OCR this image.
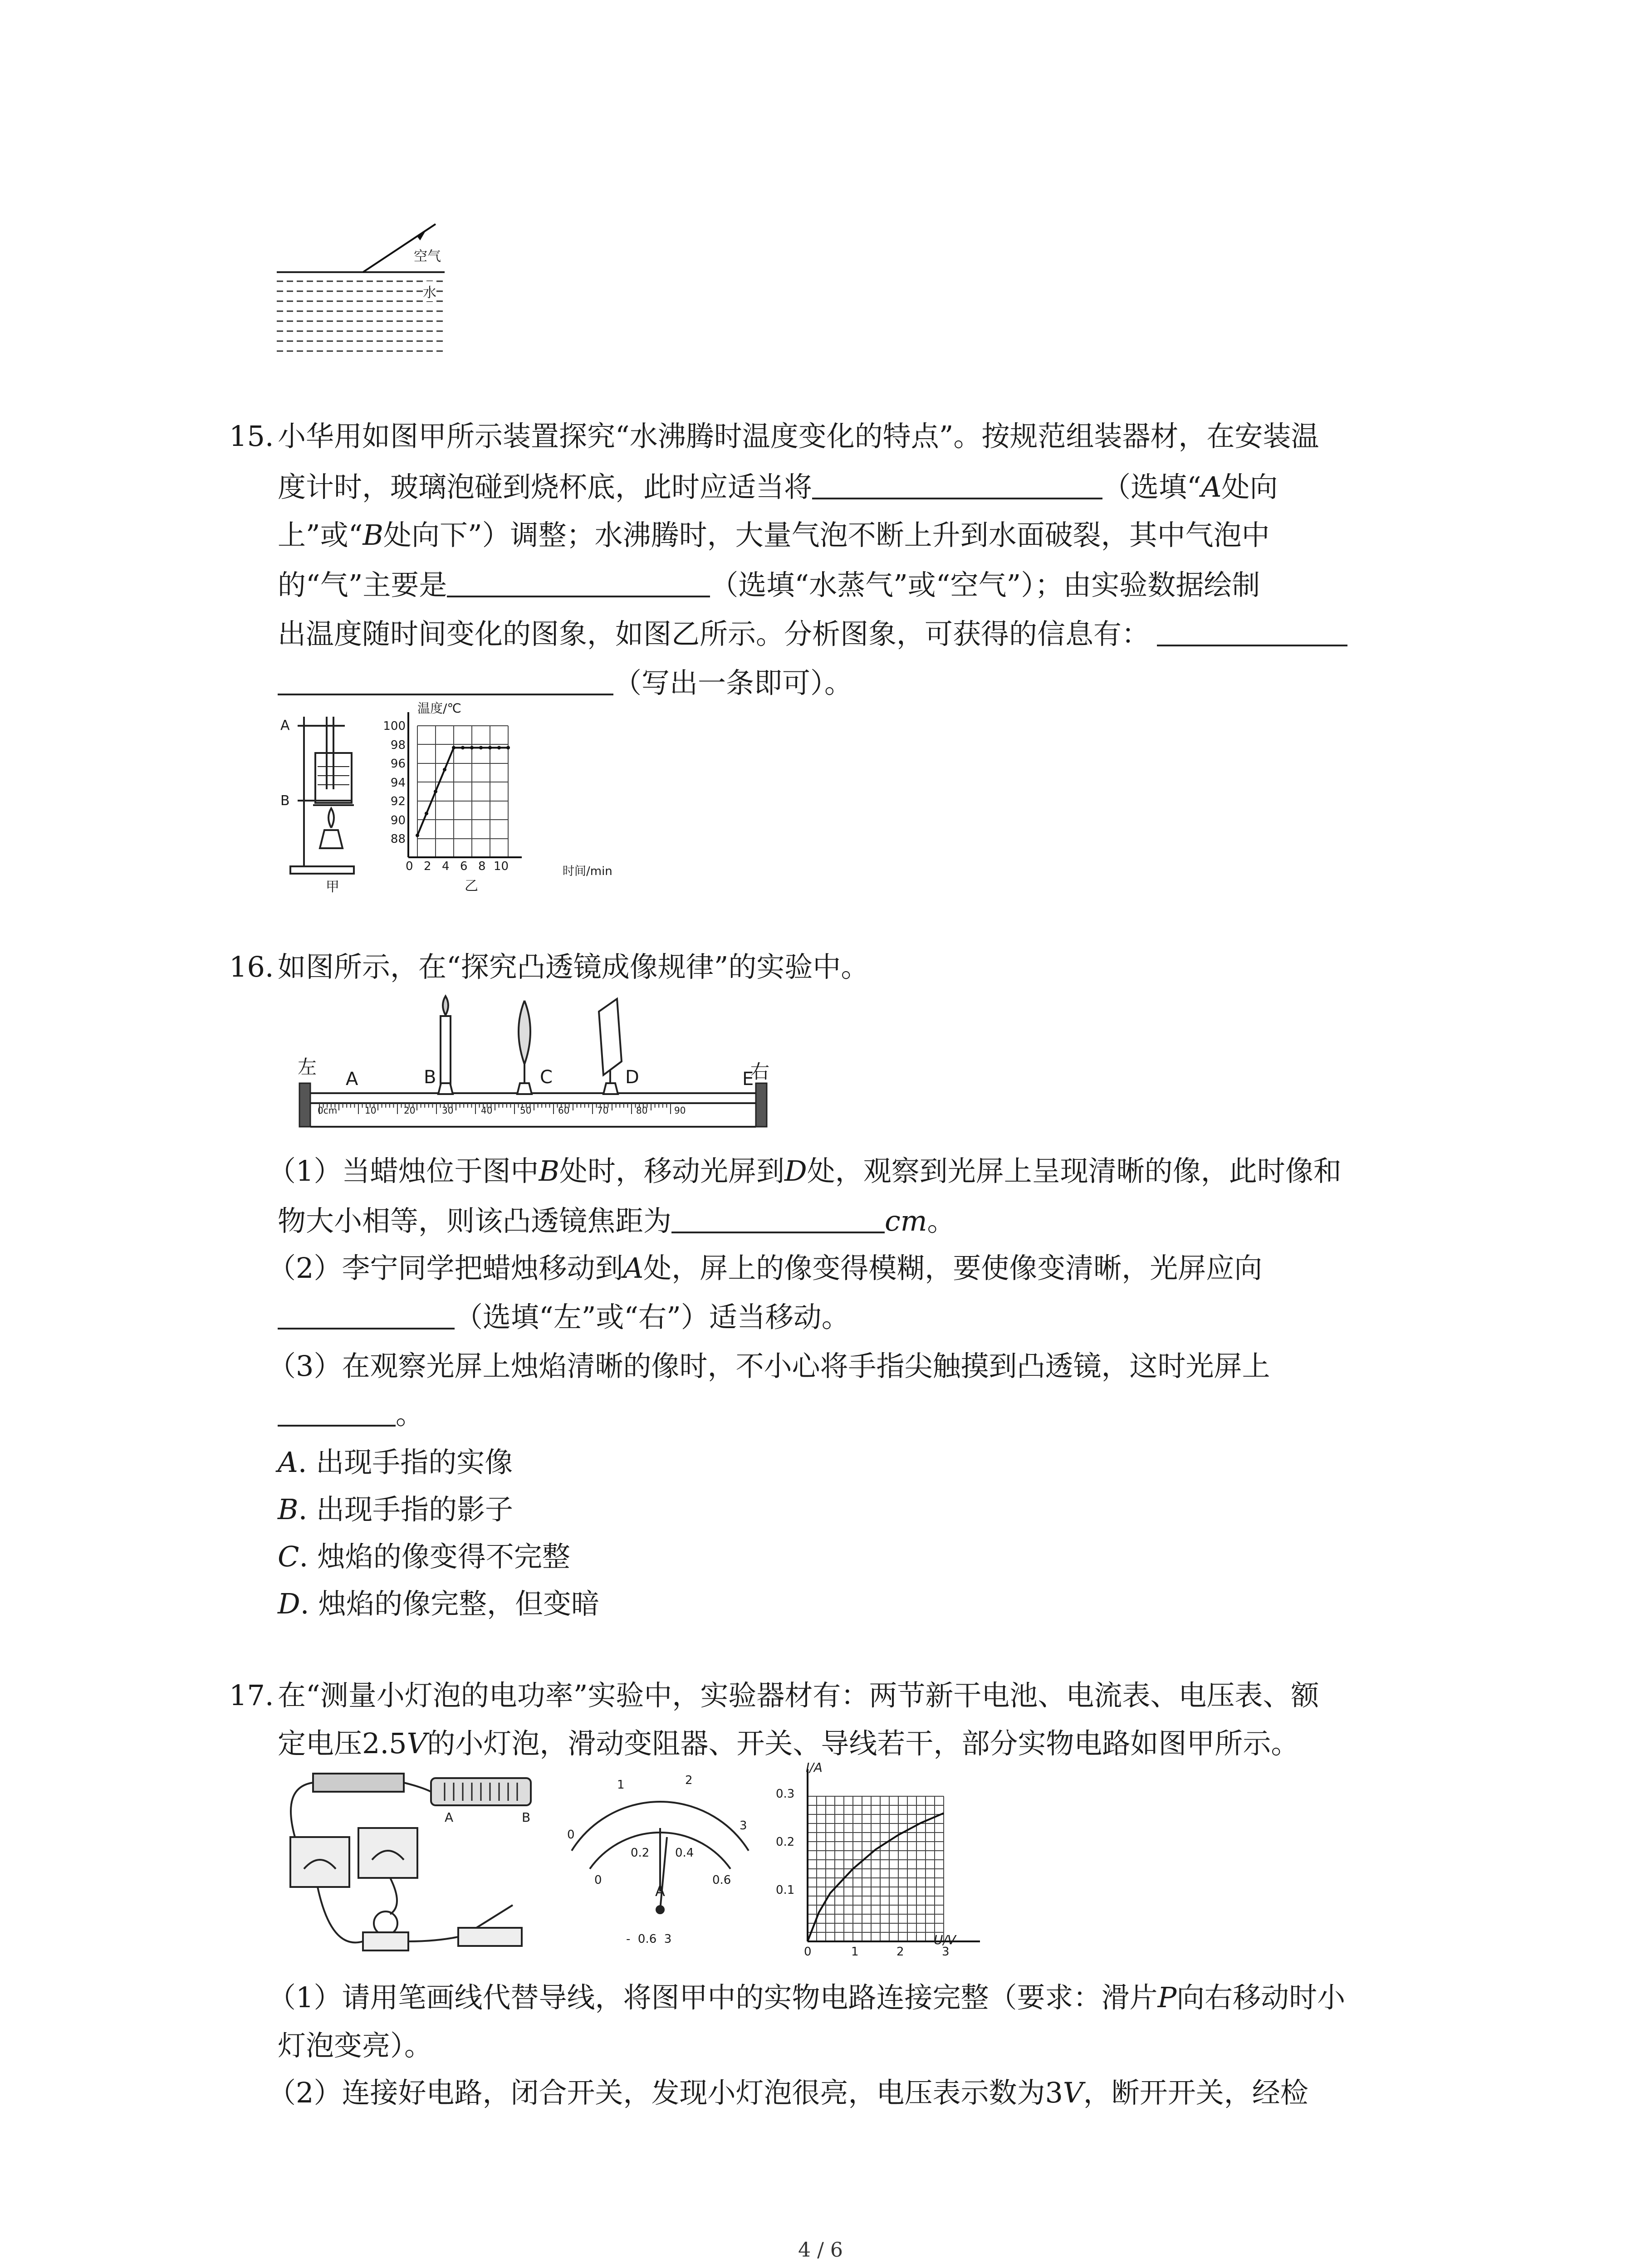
空气
水
15. 小华用如图甲所示装置探究“水沸腾时温度变化的特点”。按规范组装器材，在安装温
度计时，玻璃泡碰到烧杯底，此时应适当将	（选填“A处向
上”或“B处向下”）调整；水沸腾时，大量气泡不断上升到水面破裂，其中气泡中
的“气”主要是	（选填“水蒸气”或“空气”）；由实验数据绘制
出温度随时间变化的图象，如图乙所示。分析图象，可获得的信息有：
（写出一条即可）。
A
B
甲
温度/℃
100
98
96
94
92
90
88
0 2 4 6 8 10
乙
时间/min
16. 如图所示，在“探究凸透镜成像规律”的实验中。
左	右
A	B	C	D	E
0cm	10	20	30	40	50	60	70	80	90
（1）当蜡烛位于图中B处时，移动光屏到D处，观察到光屏上呈现清晰的像，此时像和
物大小相等，则该凸透镜焦距为	cm。
（2）李宁同学把蜡烛移动到A处，屏上的像变得模糊，要使像变清晰，光屏应向
（选填“左”或“右”）适当移动。
（3）在观察光屏上烛焰清晰的像时，不小心将手指尖触摸到凸透镜，这时光屏上
。
A. 出现手指的实像
B. 出现手指的影子
C. 烛焰的像变得不完整
D. 烛焰的像完整，但变暗
17. 在“测量小灯泡的电功率”实验中，实验器材有：两节新干电池、电流表、电压表、额
定电压2.5V的小灯泡，滑动变阻器、开关、导线若干，部分实物电路如图甲所示。
A	B
0
1	2
3
0
0.2 0.4
0.6
A
-  0.6  3
I/A
0.3
0.2
0.1
0	1	2	3
U/V
（1）请用笔画线代替导线，将图甲中的实物电路连接完整（要求：滑片P向右移动时小
灯泡变亮）。
（2）连接好电路，闭合开关，发现小灯泡很亮，电压表示数为3V，断开开关，经检
4 / 6
